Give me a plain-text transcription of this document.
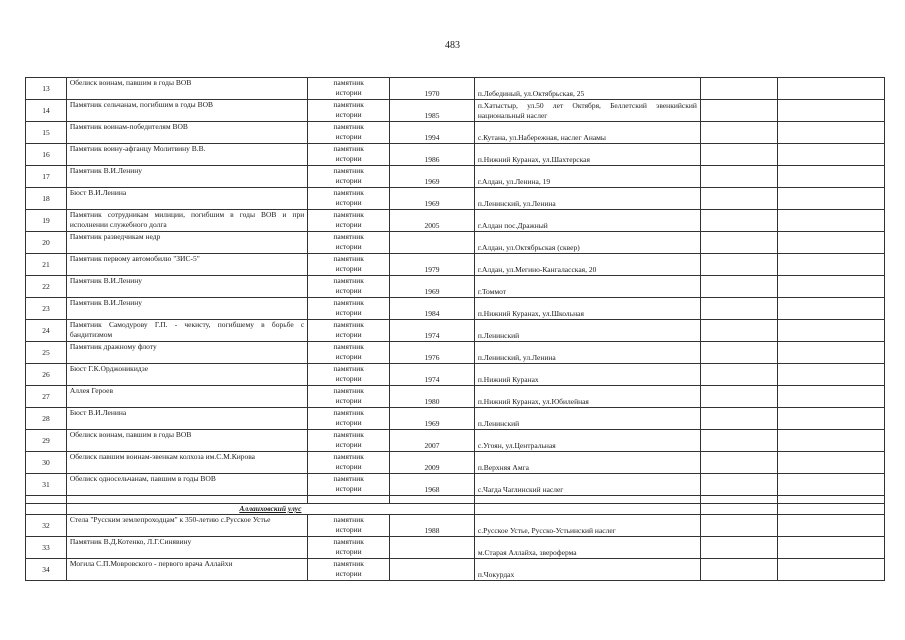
483
13	Обелиск воинам, павшим в годы ВОВ	памятник
истории	1970	п.Лебединый, ул.Октябрьская, 25		
14	Памятник сельчанам, погибшим в годы ВОВ	памятник
истории	1985	п.Хатыстыр, ул.50 лет Октября, Беллетский эвенкийский национальный наслег		
15	Памятник воинам-победителям ВОВ	памятник
истории	1994	с.Кутана, ул.Набережная, наслег Анамы		
16	Памятник воину-афганцу Молитвину В.В.	памятник
истории	1986	п.Нижний Куранах, ул.Шахтерская		
17	Памятник В.И.Ленину	памятник
истории	1969	г.Алдан, ул.Ленина, 19		
18	Бюст В.И.Ленина	памятник
истории	1969	п.Ленинский, ул.Ленина		
19	Памятник сотрудникам милиции, погибшим в годы ВОВ и при исполнении служебного долга	памятник
истории	2005	г.Алдан пос.Дражный		
20	Памятник разведчикам недр	памятник
истории		г.Алдан, ул.Октябрьская (сквер)		
21	Памятник первому автомобилю "ЗИС-5"	памятник
истории	1979	г.Алдан, ул.Мегино-Кангаласская, 20		
22	Памятник В.И.Ленину	памятник
истории	1969	г.Томмот		
23	Памятник В.И.Ленину	памятник
истории	1984	п.Нижний Куранах, ул.Школьная		
24	Памятник Самодурову Г.П. - чекисту, погибшему в борьбе с бандитизмом	памятник
истории	1974	п.Ленинский		
25	Памятник дражному флоту	памятник
истории	1976	п.Ленинский, ул.Ленина		
26	Бюст Г.К.Орджоникидзе	памятник
истории	1974	п.Нижний Куранах		
27	Аллея Героев	памятник
истории	1980	п.Нижний Куранах, ул.Юбилейная		
28	Бюст В.И.Ленина	памятник
истории	1969	п.Ленинский		
29	Обелиск воинам, павшим в годы ВОВ	памятник
истории	2007	с.Угоян, ул.Центральная		
30	Обелиск павшим воинам-эвенкам колхоза им.С.М.Кирова	памятник
истории	2009	п.Верхняя Амга		
31	Обелиск односельчанам, павшим в годы ВОВ	памятник
истории	1968	с.Чагда Чаглинский наслег		

	Аллаиховский улус					
32	Стела "Русским землепроходцам" к 350-летию с.Русское Устье	памятник
истории	1988	с.Русское Устье, Русско-Устьинский наслег		
33	Памятник В.Д.Котенко, Л.Г.Синявину	памятник
истории		м.Старая Аллайха, звероферма		
34	Могила С.П.Мовровского - первого врача Аллайхи	памятник
истории		п.Чокурдах		
